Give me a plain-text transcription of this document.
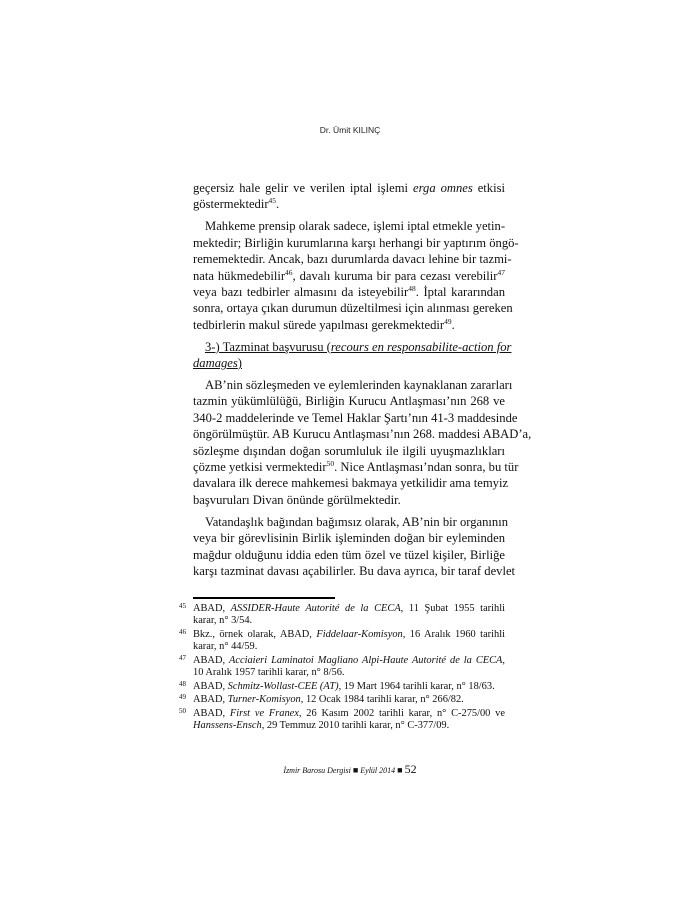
Dr. Ümit KILINÇ
geçersiz hale gelir ve verilen iptal işlemi erga omnes etkisi
göstermektedir$^{45}$.
Mahkeme prensip olarak sadece, işlemi iptal etmekle yetin-
mektedir; Birliğin kurumlarına karşı herhangi bir yaptırım öngö-
rememektedir. Ancak, bazı durumlarda davacı lehine bir tazmi-
nata hükmedebilir$^{46}$, davalı kuruma bir para cezası verebilir$^{47}$
veya bazı tedbirler almasını da isteyebilir$^{48}$. İptal kararından
sonra, ortaya çıkan durumun düzeltilmesi için alınması gereken
tedbirlerin makul sürede yapılması gerekmektedir$^{49}$.
3-) Tazminat başvurusu (recours en responsabilite-action for
damages)
AB’nin sözleşmeden ve eylemlerinden kaynaklanan zararları
tazmin yükümlülüğü, Birliğin Kurucu Antlaşması’nın 268 ve
340-2 maddelerinde ve Temel Haklar Şartı’nın 41-3 maddesinde
öngörülmüştür. AB Kurucu Antlaşması’nın 268. maddesi ABAD’a,
sözleşme dışından doğan sorumluluk ile ilgili uyuşmazlıkları
çözme yetkisi vermektedir$^{50}$. Nice Antlaşması’ndan sonra, bu tür
davalara ilk derece mahkemesi bakmaya yetkilidir ama temyiz
başvuruları Divan önünde görülmektedir.
Vatandaşlık bağından bağımsız olarak, AB’nin bir organının
veya bir görevlisinin Birlik işleminden doğan bir eyleminden
mağdur olduğunu iddia eden tüm özel ve tüzel kişiler, Birliğe
karşı tazminat davası açabilirler. Bu dava ayrıca, bir taraf devlet
45 ABAD, ASSIDER-Haute Autorité de la CECA, 11 Şubat 1955 tarihli
karar, n° 3/54.
46 Bkz., örnek olarak, ABAD, Fiddelaar-Komisyon, 16 Aralık 1960 tarihli
karar, n° 44/59.
47 ABAD, Acciaieri Laminatoi Magliano Alpi-Haute Autorité de la CECA,
10 Aralık 1957 tarihli karar, n° 8/56.
48 ABAD, Schmitz-Wollast-CEE (AT), 19 Mart 1964 tarihli karar, n° 18/63.
49 ABAD, Turner-Komisyon, 12 Ocak 1984 tarihli karar, n° 266/82.
50 ABAD, First ve Franex, 26 Kasım 2002 tarihli karar, n° C-275/00 ve
Hanssens-Ensch, 29 Temmuz 2010 tarihli karar, n° C-377/09.
İzmir Barosu Dergisi ■ Eylül 2014 ■ 52
